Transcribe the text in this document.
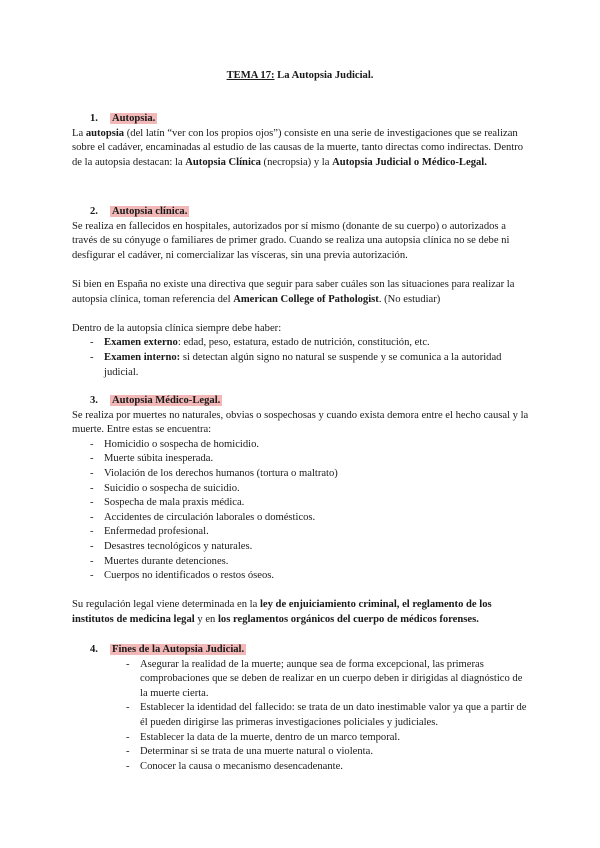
TEMA 17: La Autopsia Judicial.
1. Autopsia.

La autopsia (del latín “ver con los propios ojos”) consiste en una serie de investigaciones que se realizan sobre el cadáver, encaminadas al estudio de las causas de la muerte, tanto directas como indirectas. Dentro de la autopsia destacan: la Autopsia Clínica (necropsia) y la Autopsia Judicial o Médico-Legal.

2. Autopsia clínica.

Se realiza en fallecidos en hospitales, autorizados por sí mismo (donante de su cuerpo) o autorizados a través de su cónyuge o familiares de primer grado. Cuando se realiza una autopsia clínica no se debe ni desfigurar el cadáver, ni comercializar las vísceras, sin una previa autorización.

Si bien en España no existe una directiva que seguir para saber cuáles son las situaciones para realizar la autopsia clínica, toman referencia del American College of Pathologist. (No estudiar)

Dentro de la autopsia clínica siempre debe haber:

- Examen externo: edad, peso, estatura, estado de nutrición, constitución, etc.
- Examen interno: si detectan algún signo no natural se suspende y se comunica a la autoridad judicial.
3. Autopsia Médico-Legal.

Se realiza por muertes no naturales, obvias o sospechosas y cuando exista demora entre el hecho causal y la muerte. Entre estas se encuentra:

- Homicidio o sospecha de homicidio.
- Muerte súbita inesperada.
- Violación de los derechos humanos (tortura o maltrato)
- Suicidio o sospecha de suicidio.
- Sospecha de mala praxis médica.
- Accidentes de circulación laborales o domésticos.
- Enfermedad profesional.
- Desastres tecnológicos y naturales.
- Muertes durante detenciones.
- Cuerpos no identificados o restos óseos.

Su regulación legal viene determinada en la ley de enjuiciamiento criminal, el reglamento de los institutos de medicina legal y en los reglamentos orgánicos del cuerpo de médicos forenses.

4. Fines de la Autopsia Judicial.
- Asegurar la realidad de la muerte; aunque sea de forma excepcional, las primeras comprobaciones que se deben de realizar en un cuerpo deben ir dirigidas al diagnóstico de la muerte cierta.
- Establecer la identidad del fallecido: se trata de un dato inestimable valor ya que a partir de él pueden dirigirse las primeras investigaciones policiales y judiciales.
- Establecer la data de la muerte, dentro de un marco temporal.
- Determinar si se trata de una muerte natural o violenta.
- Conocer la causa o mecanismo desencadenante.
